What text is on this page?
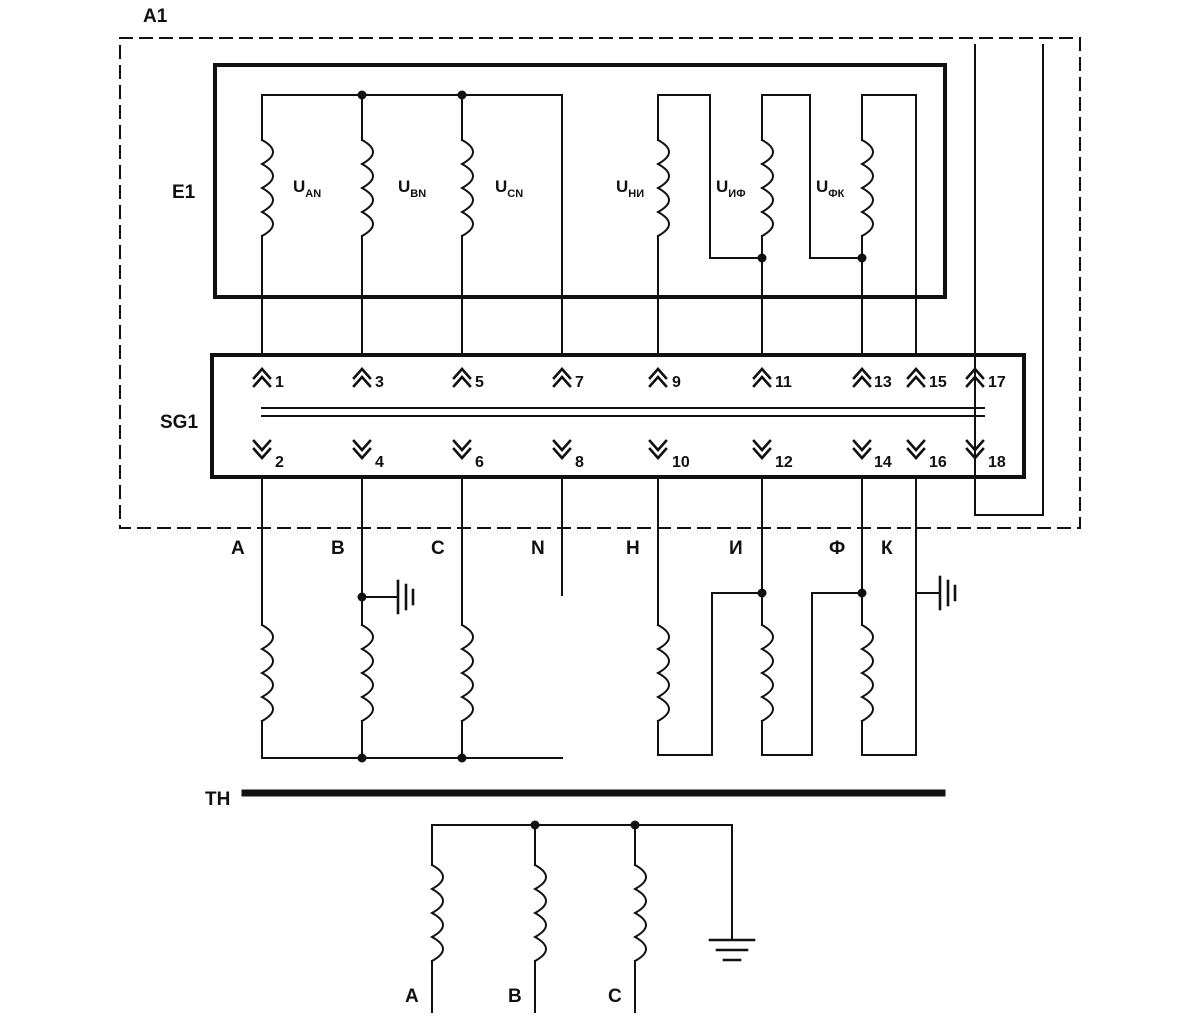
A1
E1
SG1
TH
$U_{AN}$	$U_{BN}$	$U_{CN}$	$U_{НИ}$	$U_{ИФ}$	$U_{ФК}$
1	3	5	7	9	11	13 15	17
2	4	6	8	10	12	14 16	18
A	B	C	N	H	И	Ф К
A	B	C
